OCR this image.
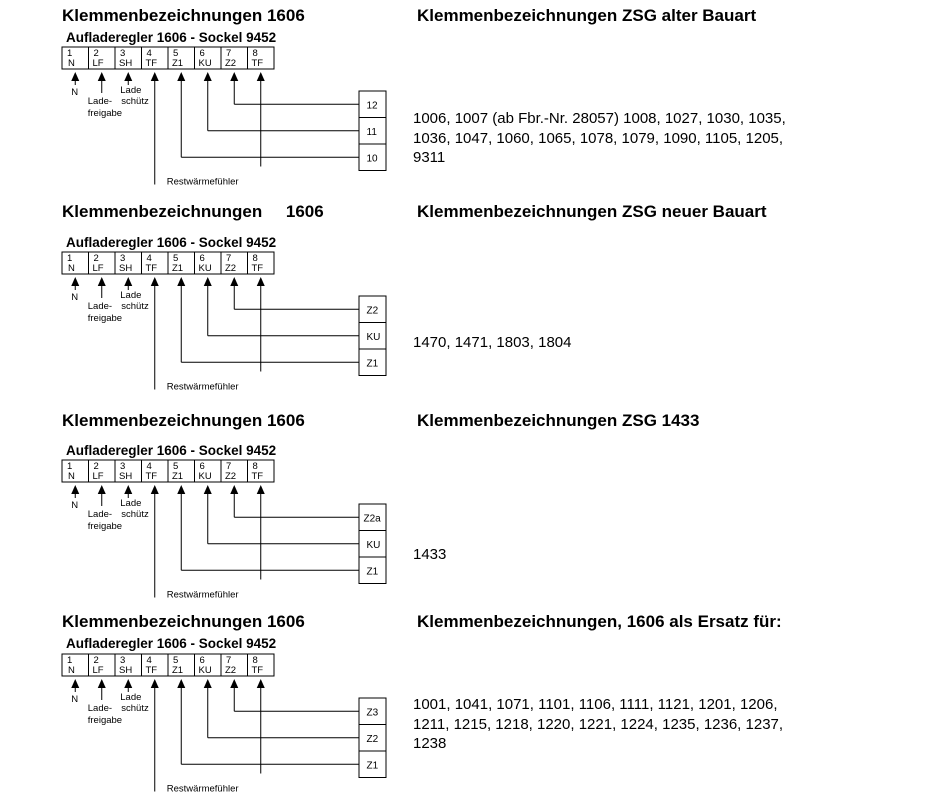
Klemmenbezeichnungen 1606	Klemmenbezeichnungen ZSG alter Bauart
Aufladeregler 1606 - Sockel 9452
1
N
2
LF
3
SH
4
TF
5
Z1
6
KU
7
Z2
8
TF
N
Lade-
freigabe
Lade
schütz	12
11
10
Restwärmefühler
1006, 1007 (ab Fbr.-Nr. 28057) 1008, 1027, 1030, 1035,
1036, 1047, 1060, 1065, 1078, 1079, 1090, 1105, 1205,
9311
Klemmenbezeichnungen     1606	Klemmenbezeichnungen ZSG neuer Bauart
Aufladeregler 1606 - Sockel 9452
1
N
2
LF
3
SH
4
TF
5
Z1
6
KU
7
Z2
8
TF
N
Lade-
freigabe
Lade
schütz	Z2
KU
Z1
Restwärmefühler
1470, 1471, 1803, 1804
Klemmenbezeichnungen 1606	Klemmenbezeichnungen ZSG 1433
Aufladeregler 1606 - Sockel 9452
1
N
2
LF
3
SH
4
TF
5
Z1
6
KU
7
Z2
8
TF
N
Lade-
freigabe
Lade
schütz	Z2a
KU
Z1
Restwärmefühler
1433
Klemmenbezeichnungen 1606	Klemmenbezeichnungen, 1606 als Ersatz für:
Aufladeregler 1606 - Sockel 9452
1
N
2
LF
3
SH
4
TF
5
Z1
6
KU
7
Z2
8
TF
N
Lade-
freigabe
Lade
schütz	Z3
Z2
Z1
Restwärmefühler
1001, 1041, 1071, 1101, 1106, 1111, 1121, 1201, 1206,
1211, 1215, 1218, 1220, 1221, 1224, 1235, 1236, 1237,
1238
